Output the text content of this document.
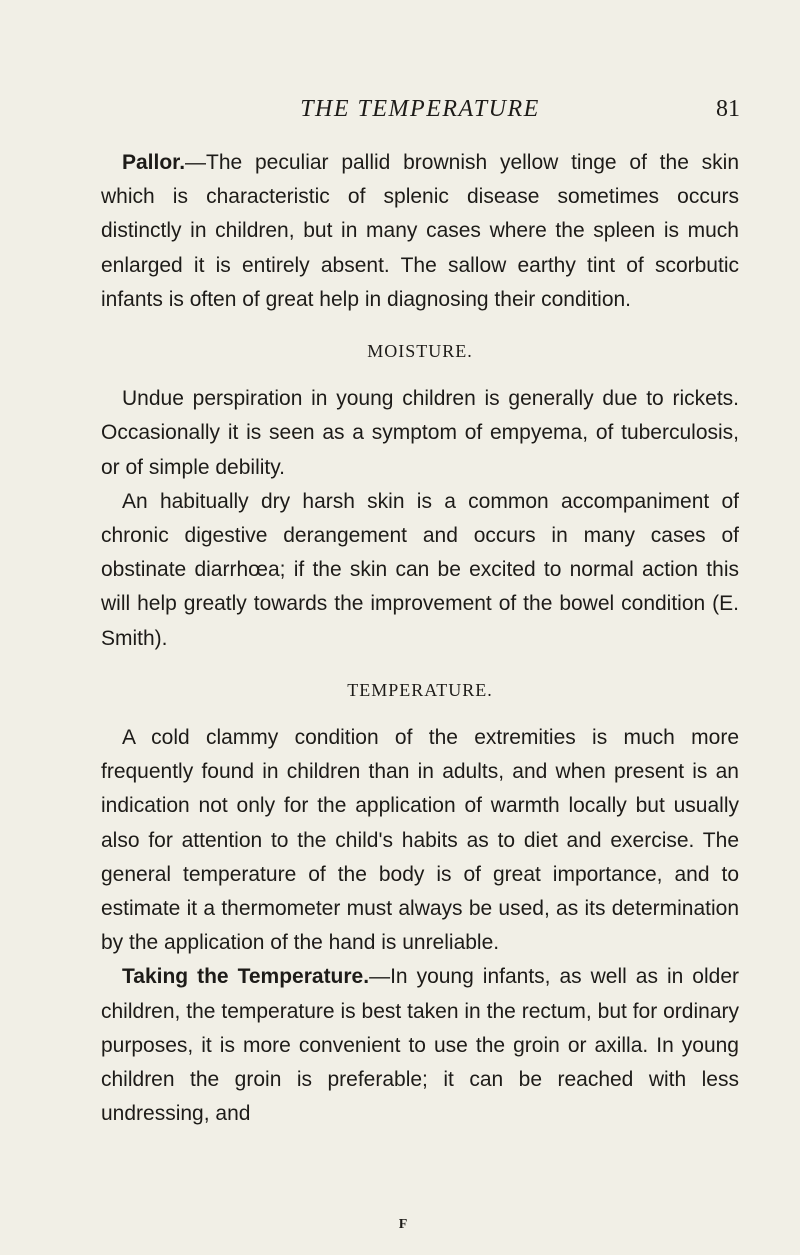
THE TEMPERATURE	81

Pallor.—The peculiar pallid brownish yellow tinge of the skin which is characteristic of splenic disease sometimes occurs distinctly in children, but in many cases where the spleen is much enlarged it is entirely absent. The sallow earthy tint of scorbutic infants is often of great help in diagnosing their condition.

MOISTURE.

Undue perspiration in young children is generally due to rickets. Occasionally it is seen as a symptom of empyema, of tuberculosis, or of simple debility.

An habitually dry harsh skin is a common accompaniment of chronic digestive derangement and occurs in many cases of obstinate diarrhœa; if the skin can be excited to normal action this will help greatly towards the improvement of the bowel condition (E. Smith).

TEMPERATURE.

A cold clammy condition of the extremities is much more frequently found in children than in adults, and when present is an indication not only for the application of warmth locally but usually also for attention to the child's habits as to diet and exercise. The general temperature of the body is of great importance, and to estimate it a thermometer must always be used, as its determination by the application of the hand is unreliable.

Taking the Temperature.—In young infants, as well as in older children, the temperature is best taken in the rectum, but for ordinary purposes, it is more convenient to use the groin or axilla. In young children the groin is preferable; it can be reached with less undressing, and

F
